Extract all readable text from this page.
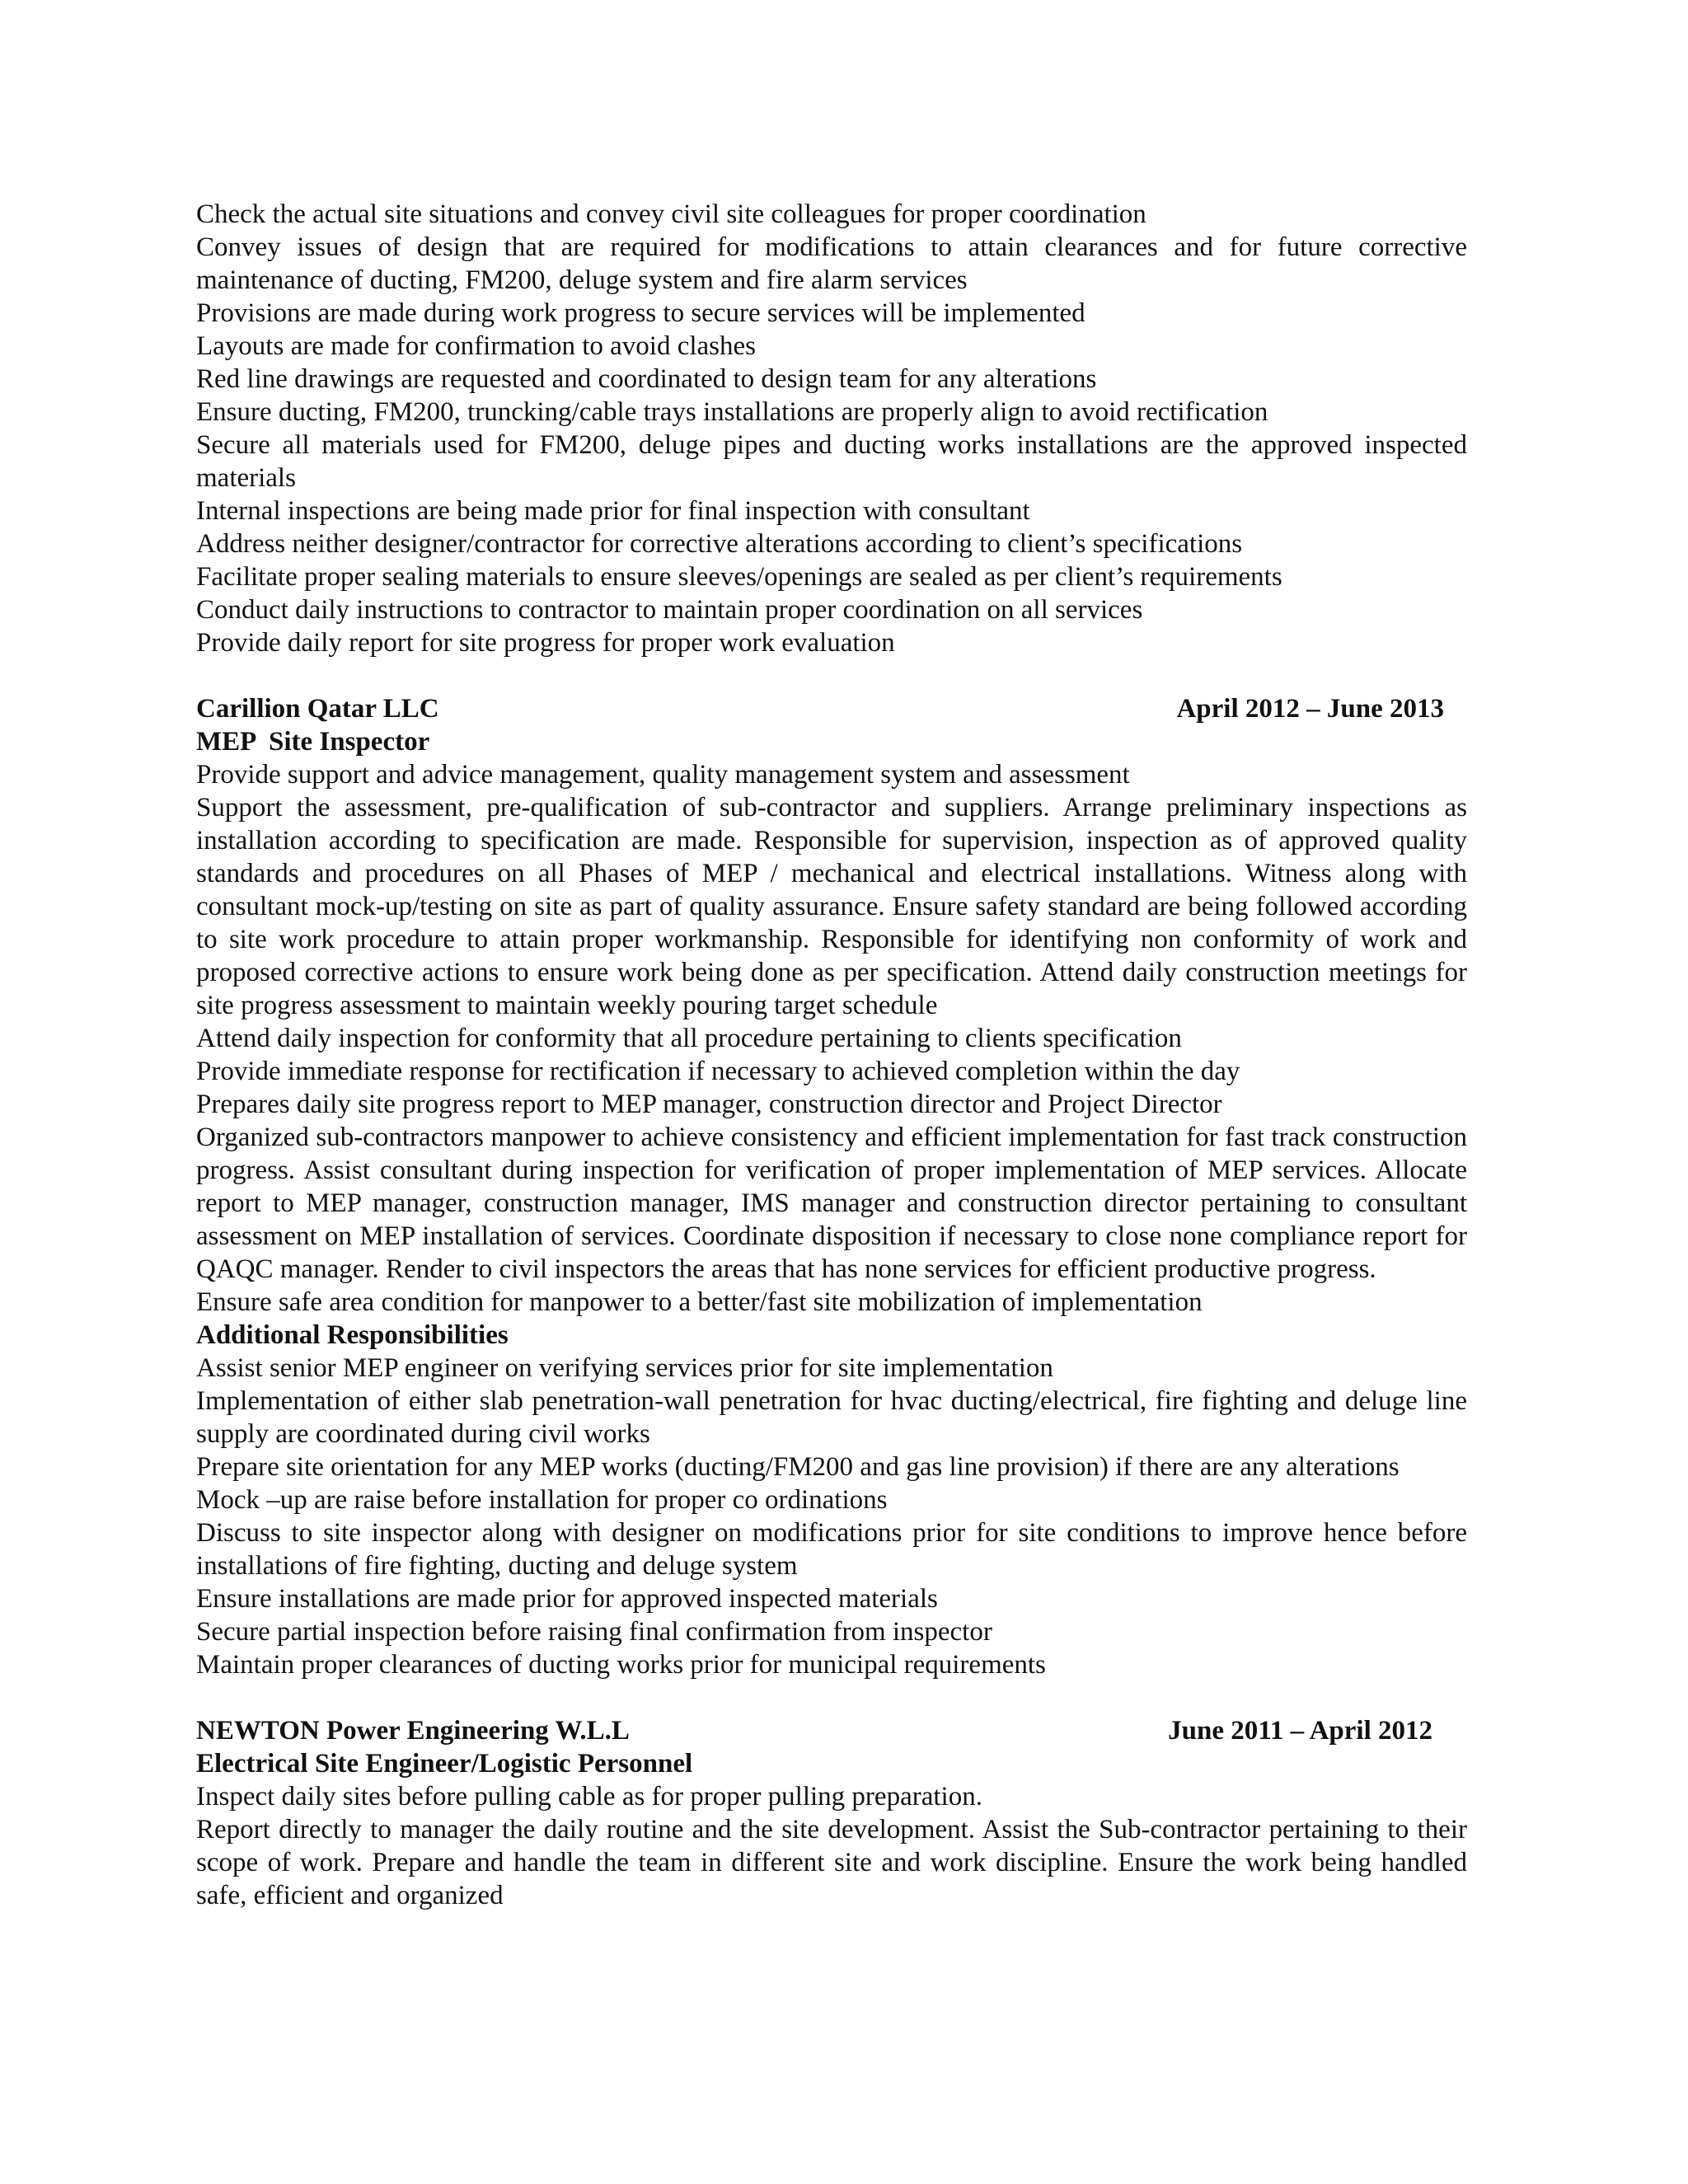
Check the actual site situations and convey civil site colleagues for proper coordination

Convey issues of design that are required for modifications to attain clearances and for future corrective maintenance of ducting, FM200, deluge system and fire alarm services

Provisions are made during work progress to secure services will be implemented

Layouts are made for confirmation to avoid clashes

Red line drawings are requested and coordinated to design team for any alterations

Ensure ducting, FM200, truncking/cable trays installations are properly align to avoid rectification

Secure all materials used for FM200, deluge pipes and ducting works installations are the approved inspected materials

Internal inspections are being made prior for final inspection with consultant

Address neither designer/contractor for corrective alterations according to client’s specifications

Facilitate proper sealing materials to ensure sleeves/openings are sealed as per client’s requirements

Conduct daily instructions to contractor to maintain proper coordination on all services

Provide daily report for site progress for proper work evaluation

Carillion Qatar LLC	April 2012 – June 2013

MEP  Site Inspector

Provide support and advice management, quality management system and assessment

Support the assessment, pre-qualification of sub-contractor and suppliers. Arrange preliminary inspections as installation according to specification are made. Responsible for supervision, inspection as of approved quality standards and procedures on all Phases of MEP / mechanical and electrical installations. Witness along with consultant mock-up/testing on site as part of quality assurance. Ensure safety standard are being followed according to site work procedure to attain proper workmanship. Responsible for identifying non conformity of work and proposed corrective actions to ensure work being done as per specification. Attend daily construction meetings for site progress assessment to maintain weekly pouring target schedule

Attend daily inspection for conformity that all procedure pertaining to clients specification

Provide immediate response for rectification if necessary to achieved completion within the day

Prepares daily site progress report to MEP manager, construction director and Project Director

Organized sub-contractors manpower to achieve consistency and efficient implementation for fast track construction progress. Assist consultant during inspection for verification of proper implementation of MEP services. Allocate report to MEP manager, construction manager, IMS manager and construction director pertaining to consultant assessment on MEP installation of services. Coordinate disposition if necessary to close none compliance report for QAQC manager. Render to civil inspectors the areas that has none services for efficient productive progress.

Ensure safe area condition for manpower to a better/fast site mobilization of implementation

Additional Responsibilities

Assist senior MEP engineer on verifying services prior for site implementation

Implementation of either slab penetration-wall penetration for hvac ducting/electrical, fire fighting and deluge line supply are coordinated during civil works

Prepare site orientation for any MEP works (ducting/FM200 and gas line provision) if there are any alterations

Mock –up are raise before installation for proper co ordinations

Discuss to site inspector along with designer on modifications prior for site conditions to improve hence before installations of fire fighting, ducting and deluge system

Ensure installations are made prior for approved inspected materials

Secure partial inspection before raising final confirmation from inspector

Maintain proper clearances of ducting works prior for municipal requirements

NEWTON Power Engineering W.L.L	June 2011 – April 2012

Electrical Site Engineer/Logistic Personnel

Inspect daily sites before pulling cable as for proper pulling preparation.

Report directly to manager the daily routine and the site development. Assist the Sub-contractor pertaining to their scope of work. Prepare and handle the team in different site and work discipline. Ensure the work being handled safe, efficient and organized
